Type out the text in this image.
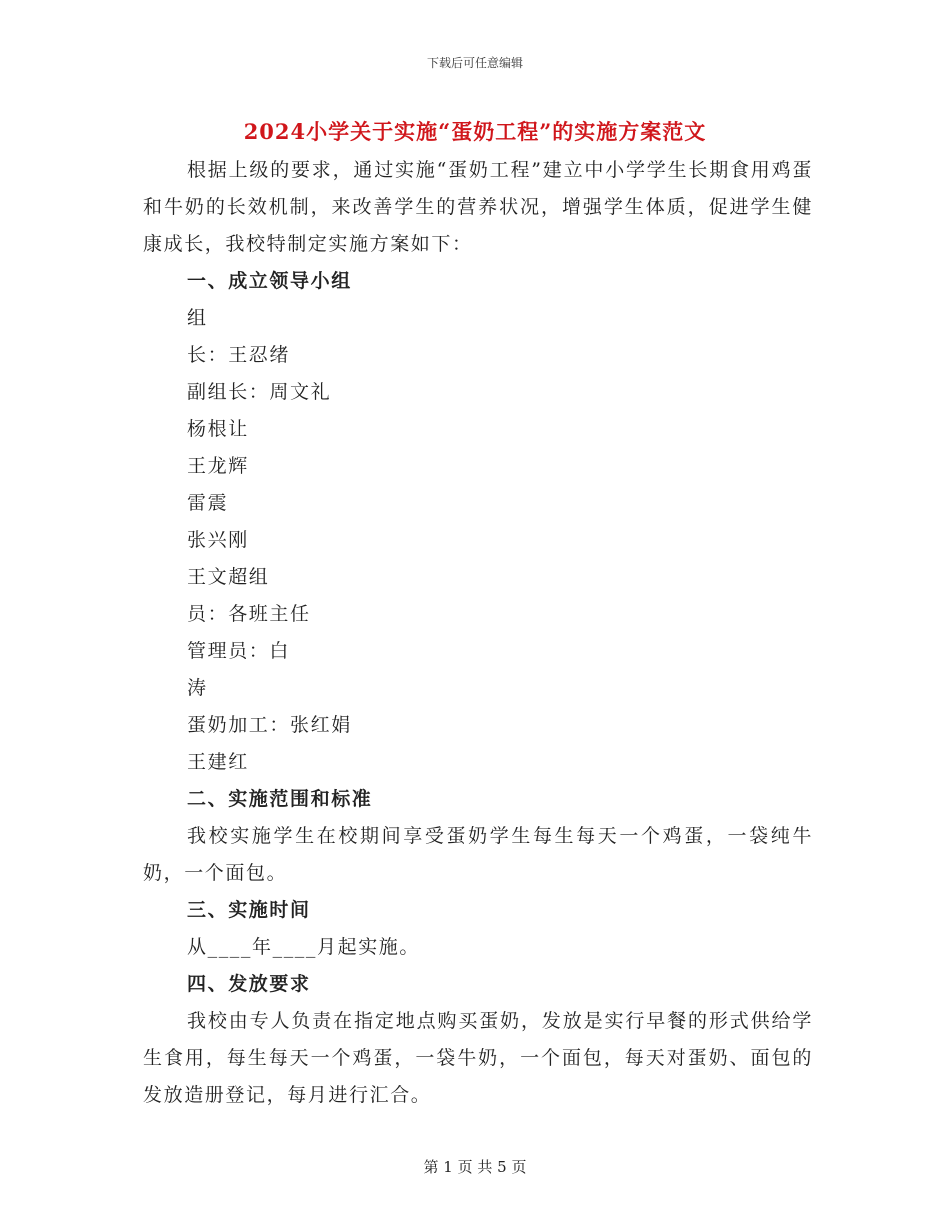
下载后可任意编辑
2024小学关于实施“蛋奶工程”的实施方案范文

根据上级的要求，通过实施“蛋奶工程”建立中小学学生长期食用鸡蛋和牛奶的长效机制，来改善学生的营养状况，增强学生体质，促进学生健康成长，我校特制定实施方案如下：

一、成立领导小组
组
长：王忍绪
副组长：周文礼
杨根让
王龙辉
雷震
张兴刚
王文超组
员：各班主任
管理员：白
涛
蛋奶加工：张红娟
王建红
二、实施范围和标准

我校实施学生在校期间享受蛋奶学生每生每天一个鸡蛋，一袋纯牛奶，一个面包。

三、实施时间
从____年____月起实施。
四、发放要求

我校由专人负责在指定地点购买蛋奶，发放是实行早餐的形式供给学生食用，每生每天一个鸡蛋，一袋牛奶，一个面包，每天对蛋奶、面包的发放造册登记，每月进行汇合。

第 1 页 共 5 页
